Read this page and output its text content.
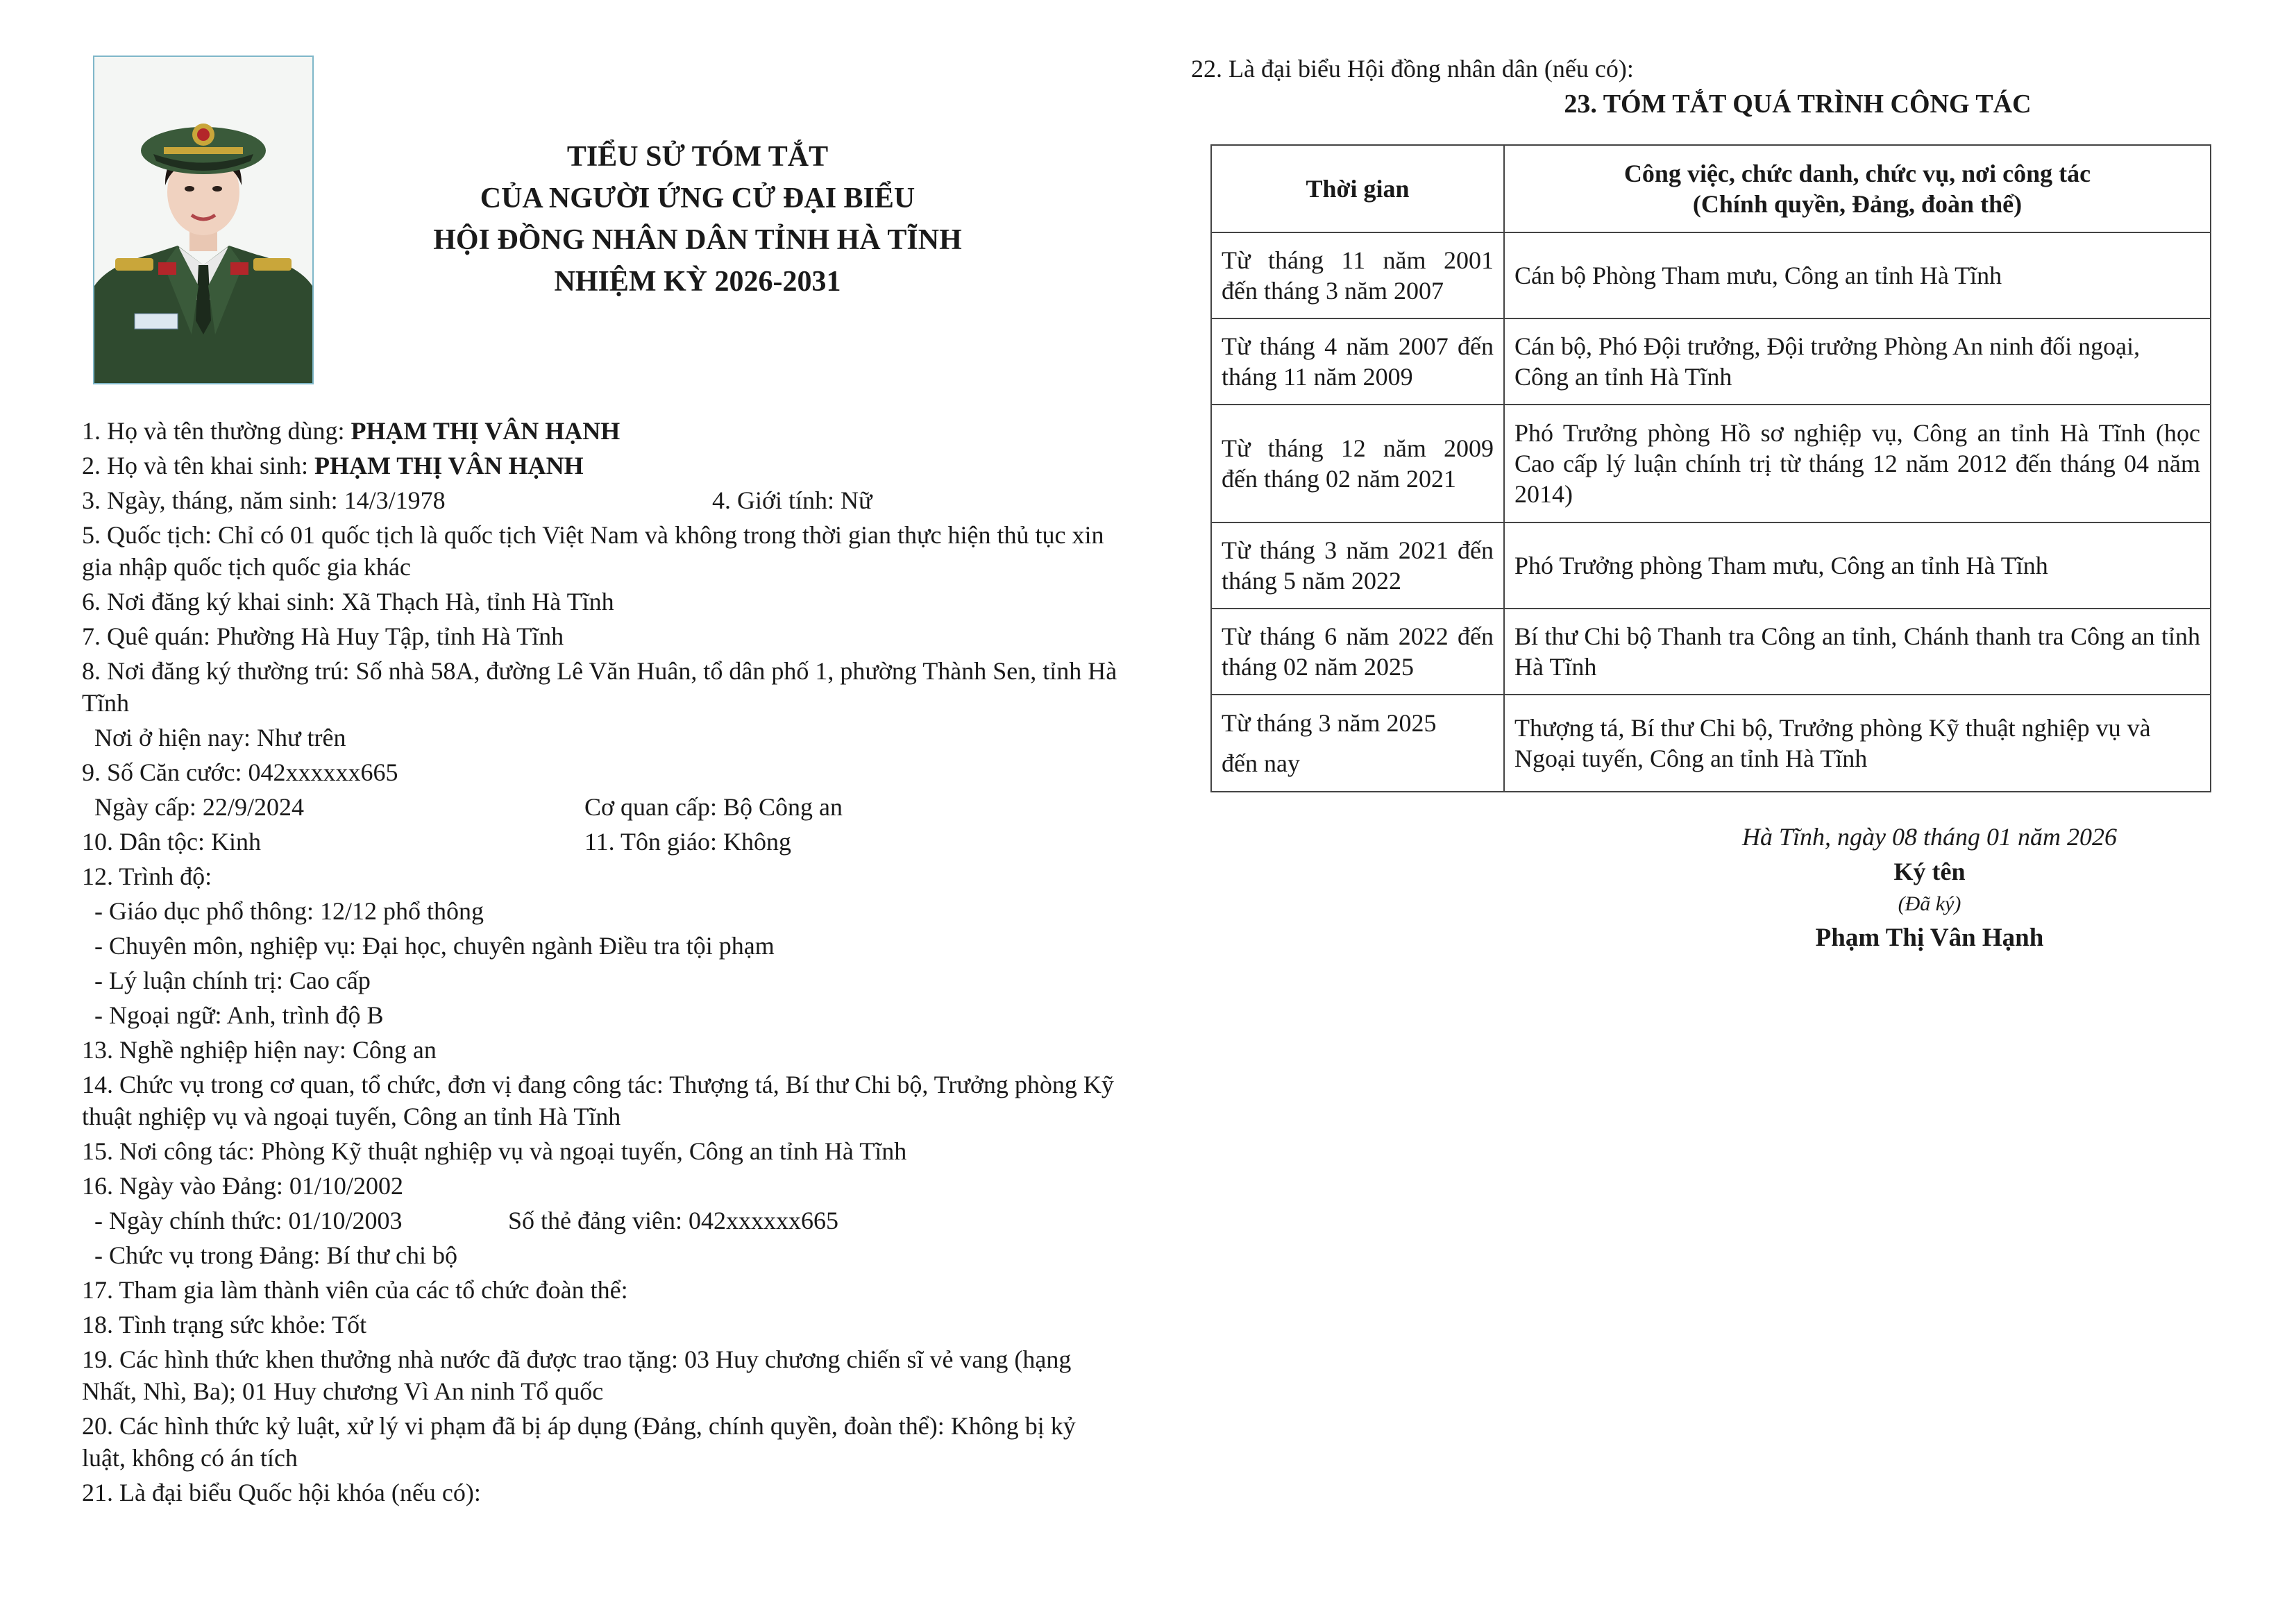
TIỂU SỬ TÓM TẮT
CỦA NGƯỜI ỨNG CỬ ĐẠI BIỂU
HỘI ĐỒNG NHÂN DÂN TỈNH HÀ TĨNH
NHIỆM KỲ 2026-2031
1. Họ và tên thường dùng: PHẠM THỊ VÂN HẠNH
2. Họ và tên khai sinh: PHẠM THỊ VÂN HẠNH
3. Ngày, tháng, năm sinh: 14/3/1978	4. Giới tính: Nữ
5. Quốc tịch: Chỉ có 01 quốc tịch là quốc tịch Việt Nam và không trong thời gian thực hiện thủ tục xin gia nhập quốc tịch quốc gia khác
6. Nơi đăng ký khai sinh: Xã Thạch Hà, tỉnh Hà Tĩnh
7. Quê quán: Phường Hà Huy Tập, tỉnh Hà Tĩnh
8. Nơi đăng ký thường trú: Số nhà 58A, đường Lê Văn Huân, tổ dân phố 1, phường Thành Sen, tỉnh Hà Tĩnh
Nơi ở hiện nay: Như trên
9. Số Căn cước: 042xxxxxx665
Ngày cấp: 22/9/2024	Cơ quan cấp: Bộ Công an
10. Dân tộc: Kinh	11. Tôn giáo: Không
12. Trình độ:
- Giáo dục phổ thông: 12/12 phổ thông
- Chuyên môn, nghiệp vụ: Đại học, chuyên ngành Điều tra tội phạm
- Lý luận chính trị: Cao cấp
- Ngoại ngữ: Anh, trình độ B
13. Nghề nghiệp hiện nay: Công an
14. Chức vụ trong cơ quan, tổ chức, đơn vị đang công tác: Thượng tá, Bí thư Chi bộ, Trưởng phòng Kỹ thuật nghiệp vụ và ngoại tuyến, Công an tỉnh Hà Tĩnh
15. Nơi công tác: Phòng Kỹ thuật nghiệp vụ và ngoại tuyến, Công an tỉnh Hà Tĩnh
16. Ngày vào Đảng: 01/10/2002
- Ngày chính thức: 01/10/2003	Số thẻ đảng viên: 042xxxxxx665
- Chức vụ trong Đảng: Bí thư chi bộ
17. Tham gia làm thành viên của các tổ chức đoàn thể:
18. Tình trạng sức khỏe: Tốt
19. Các hình thức khen thưởng nhà nước đã được trao tặng: 03 Huy chương chiến sĩ vẻ vang (hạng Nhất, Nhì, Ba); 01 Huy chương Vì An ninh Tổ quốc
20. Các hình thức kỷ luật, xử lý vi phạm đã bị áp dụng (Đảng, chính quyền, đoàn thể): Không bị kỷ luật, không có án tích
21. Là đại biểu Quốc hội khóa (nếu có):
22. Là đại biểu Hội đồng nhân dân (nếu có):
23. TÓM TẮT QUÁ TRÌNH CÔNG TÁC
Thời gian	Công việc, chức danh, chức vụ, nơi công tác
(Chính quyền, Đảng, đoàn thể)

Từ tháng 11 năm 2001
đến tháng 3 năm 2007	Cán bộ Phòng Tham mưu, Công an tỉnh Hà Tĩnh

Từ tháng 4 năm 2007 đến
tháng 11 năm 2009	Cán bộ, Phó Đội trưởng, Đội trưởng Phòng An ninh đối ngoại, Công an tỉnh Hà Tĩnh

Từ tháng 12 năm 2009
đến tháng 02 năm 2021	Phó Trưởng phòng Hồ sơ nghiệp vụ, Công an tỉnh Hà Tĩnh (học Cao cấp lý luận chính trị từ tháng 12 năm 2012 đến tháng 04 năm 2014)

Từ tháng 3 năm 2021 đến
tháng 5 năm 2022	Phó Trưởng phòng Tham mưu, Công an tỉnh Hà Tĩnh

Từ tháng 6 năm 2022 đến
tháng 02 năm 2025	Bí thư Chi bộ Thanh tra Công an tỉnh, Chánh thanh tra Công an tỉnh Hà Tĩnh

Từ tháng 3 năm 2025
đến nay	Thượng tá, Bí thư Chi bộ, Trưởng phòng Kỹ thuật nghiệp vụ và Ngoại tuyến, Công an tỉnh Hà Tĩnh
Hà Tĩnh, ngày 08 tháng 01 năm 2026
Ký tên
(Đã ký)
Phạm Thị Vân Hạnh
